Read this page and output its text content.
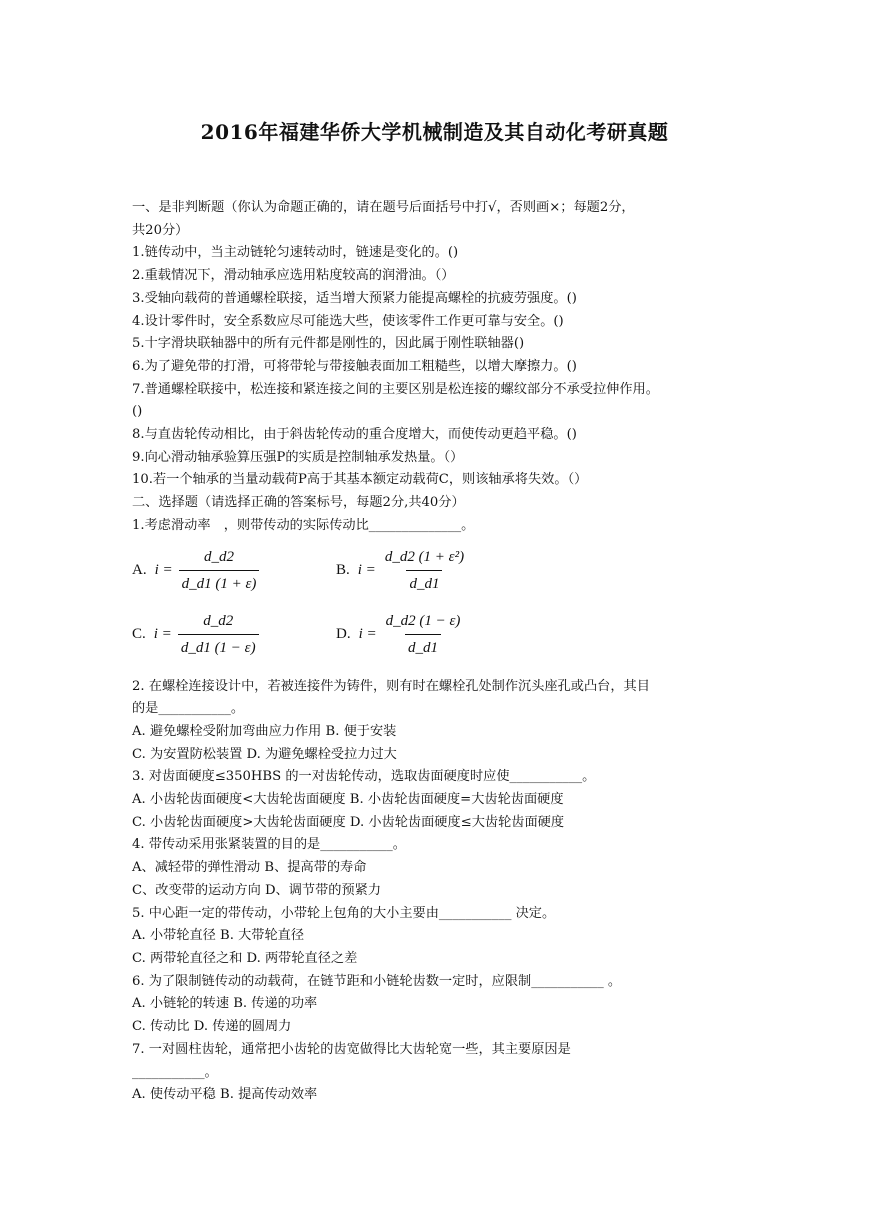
2016年福建华侨大学机械制造及其自动化考研真题
一、是非判断题（你认为命题正确的，请在题号后面括号中打√，否则画×；每题2分，
共20分）
1.链传动中，当主动链轮匀速转动时，链速是变化的。()
2.重载情况下，滑动轴承应选用粘度较高的润滑油。（）
3.受轴向载荷的普通螺栓联接，适当增大预紧力能提高螺栓的抗疲劳强度。()
4.设计零件时，安全系数应尽可能选大些，使该零件工作更可靠与安全。()
5.十字滑块联轴器中的所有元件都是刚性的，因此属于刚性联轴器()
6.为了避免带的打滑，可将带轮与带接触表面加工粗糙些，以增大摩擦力。()
7.普通螺栓联接中，松连接和紧连接之间的主要区别是松连接的螺纹部分不承受拉伸作用。
()
8.与直齿轮传动相比，由于斜齿轮传动的重合度增大，而使传动更趋平稳。()
9.向心滑动轴承验算压强P的实质是控制轴承发热量。（）
10.若一个轴承的当量动载荷P高于其基本额定动载荷C，则该轴承将失效。（）
二、选择题（请选择正确的答案标号，每题2分,共40分）
1.考虑滑动率　，则带传动的实际传动比______________。
A. $i = \frac{d\_d2}{d\_d1 (1 + \varepsilon)}$	B. $i = \frac{\text{d\_d2 (1 + ε²)}}{d\_d1}$
C. $i = \frac{d\_d2}{d\_d1 (1 - \varepsilon)}$	D. $i = \frac{d\_d2 (1 - \varepsilon)}{d\_d1}$
2. 在螺栓连接设计中，若被连接件为铸件，则有时在螺栓孔处制作沉头座孔或凸台，其目
的是___________。
A. 避免螺栓受附加弯曲应力作用 B. 便于安装
C. 为安置防松装置 D. 为避免螺栓受拉力过大
3. 对齿面硬度≤350HBS 的一对齿轮传动，选取齿面硬度时应使___________。
A. 小齿轮齿面硬度<大齿轮齿面硬度 B. 小齿轮齿面硬度=大齿轮齿面硬度
C. 小齿轮齿面硬度>大齿轮齿面硬度 D. 小齿轮齿面硬度≤大齿轮齿面硬度
4. 带传动采用张紧装置的目的是___________。
A、减轻带的弹性滑动 B、提高带的寿命
C、改变带的运动方向 D、调节带的预紧力
5. 中心距一定的带传动，小带轮上包角的大小主要由___________ 决定。
A. 小带轮直径 B. 大带轮直径
C. 两带轮直径之和 D. 两带轮直径之差
6. 为了限制链传动的动载荷，在链节距和小链轮齿数一定时，应限制___________ 。
A. 小链轮的转速 B. 传递的功率
C. 传动比 D. 传递的圆周力
7. 一对圆柱齿轮，通常把小齿轮的齿宽做得比大齿轮宽一些，其主要原因是
___________。
A. 使传动平稳 B. 提高传动效率
